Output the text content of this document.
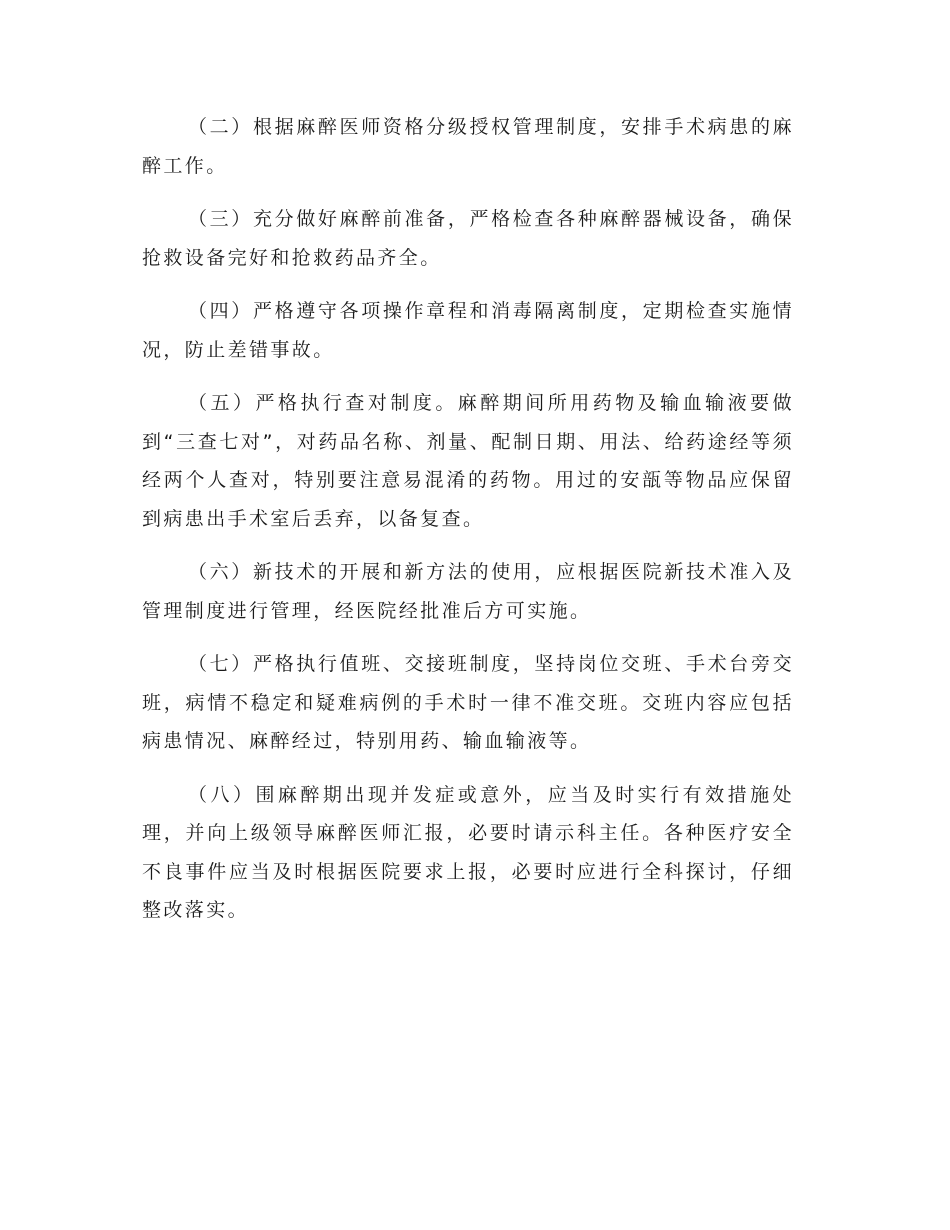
（二）根据麻醉医师资格分级授权管理制度，安排手术病患的麻醉工作。

（三）充分做好麻醉前准备，严格检查各种麻醉器械设备，确保抢救设备完好和抢救药品齐全。

（四）严格遵守各项操作章程和消毒隔离制度，定期检查实施情况，防止差错事故。

（五）严格执行查对制度。麻醉期间所用药物及输血输液要做到“三查七对”，对药品名称、剂量、配制日期、用法、给药途经等须经两个人查对，特别要注意易混淆的药物。用过的安瓿等物品应保留到病患出手术室后丢弃，以备复查。

（六）新技术的开展和新方法的使用，应根据医院新技术准入及管理制度进行管理，经医院经批准后方可实施。

（七）严格执行值班、交接班制度，坚持岗位交班、手术台旁交班，病情不稳定和疑难病例的手术时一律不准交班。交班内容应包括病患情况、麻醉经过，特别用药、输血输液等。

（八）围麻醉期出现并发症或意外，应当及时实行有效措施处理，并向上级领导麻醉医师汇报，必要时请示科主任。各种医疗安全不良事件应当及时根据医院要求上报，必要时应进行全科探讨，仔细整改落实。
